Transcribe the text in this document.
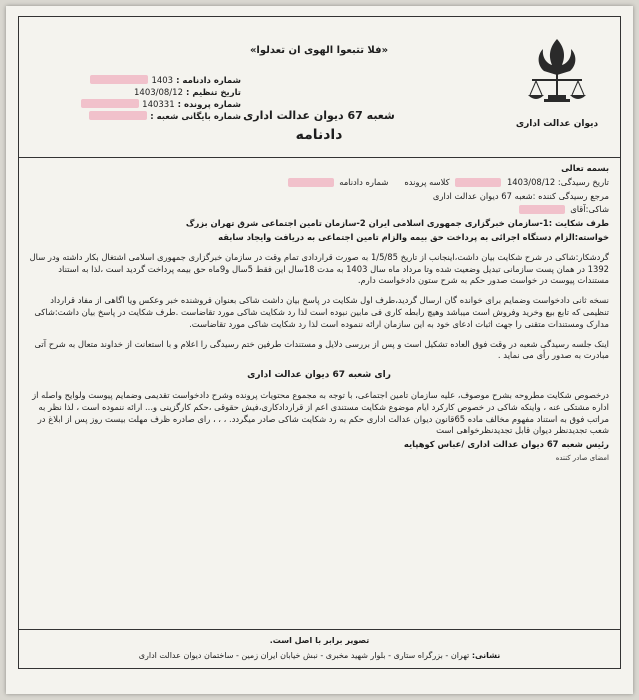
دیوان عدالت اداری
«فلا تتبعوا الهوی ان تعدلوا»
شعبه 67 دیوان عدالت اداری
دادنامه
شماره دادنامه :
1403
تاریخ تنظیم :
1403/08/12
شماره پرونده :
140331
شماره بایگانی شعبه :

بسمه تعالی

تاریخ رسیدگی: 1403/08/12  کلاسه پرونده      شماره دادنامه

مرجع رسیدگی کننده :شعبه 67 دیوان عدالت اداری

شاکی:آقای

طرف شکایت :1-سازمان خبرگزاری جمهوری اسلامی ایران 2-سازمان تامین اجتماعی شرق تهران بزرگ

خواسته:الزام دستگاه اجرائی به پرداخت حق بیمه والزام تامین اجتماعی به دریافت وایجاد سابقه

گردشکار:شاکی در شرح شکایت بیان داشت،اینجانب از تاریخ 1/5/85 به صورت قراردادی تمام وقت در سازمان خبرگزاری جمهوری اسلامی اشتغال بکار داشته ودر سال 1392 در همان پست سازمانی تبدیل وضعیت شده وتا مرداد ماه سال 1403 به مدت 18سال این فقط 5سال و9ماه حق بیمه پرداخت گردید است ،لذا به استناد مستندات پیوست در خواست صدور حکم به شرح ستون دادخواست دارم.

نسخه ثانی دادخواست وضمایم برای خوانده گان ارسال گردید،طرف اول شکایت در پاسخ بیان داشت شاکی بعنوان فروشنده خبر وعکس ویا اگاهی از مفاد قرارداد تنظیمی که تابع بیع وخرید وفروش است میباشد وهیچ رابطه کاری فی مابین نبوده است لذا رد شکایت شاکی مورد تقاضاست .طرف شکایت در پاسخ بیان داشت:شاکی مدارک ومستندات متقنی را جهت اثبات ادعای خود به این سازمان ارائه ننموده است لذا رد شکایت شاکی مورد تقاضاست.

اینک جلسه رسیدگی شعبه در وقت فوق العاده تشکیل است و پس از بررسی دلایل و مستندات طرفین ختم رسیدگی را اعلام و با استعانت از خداوند متعال به شرح آتی مبادرت به صدور رأی می نماید .

رای شعبه 67 دیوان عدالت اداری

درخصوص شکایت مطروحه بشرح موصوف، علیه سازمان تامین اجتماعی، با توجه به مجموع محتویات پرونده وشرح دادخواست تقدیمی وضمایم پیوست ولوایح واصله از اداره مشتکی عنه ، واینکه شاکی در خصوص کارکرد ایام موضوع شکایت مستندی اعم از قراردادکاری،فیش حقوقی ،حکم کارگزینی و... ارائه ننموده است ، لذا نظر به مراتب فوق به استناد مفهوم مخالف ماده 65قانون دیوان عدالت اداری حکم به رد شکایت شاکی صادر میگردد. ، ، ، رای صادره ظرف مهلت بیست روز پس از ابلاغ در شعب تجدیدنظر دیوان قابل تجدیدنظرخواهی است

رئیس شعبه 67 دیوان عدالت اداری /عباس کوهپایه

امضای صادر کننده

تصویر برابر با اصل است.
نشانی: تهران - بزرگراه ستاری - بلوار شهید مخبری - نبش خیابان ایران زمین - ساختمان دیوان عدالت اداری
